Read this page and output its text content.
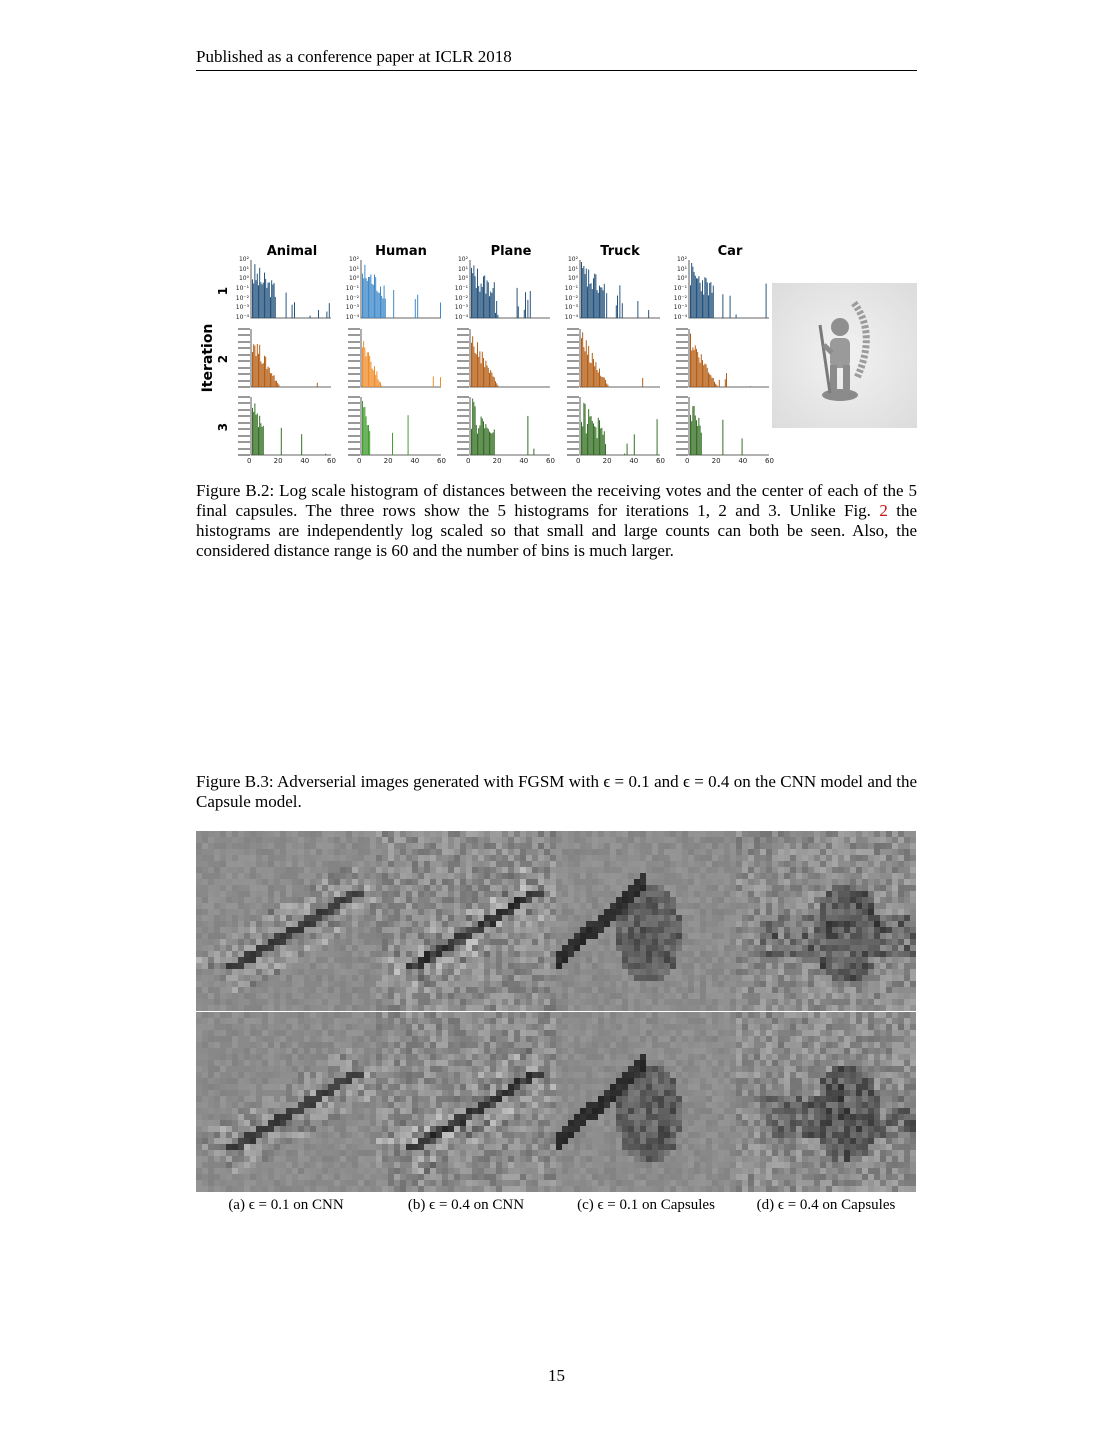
Published as a conference paper at ICLR 2018
Iteration
1
2
3
Animal	Human	Plane	Truck	Car
10²
10¹
10⁰
10⁻¹
10⁻²
10⁻³
10⁻⁴
10²
10¹
10⁰
10⁻¹
10⁻²
10⁻³
10⁻⁴
10²
10¹
10⁰
10⁻¹
10⁻²
10⁻³
10⁻⁴
10²
10¹
10⁰
10⁻¹
10⁻²
10⁻³
10⁻⁴
10²
10¹
10⁰
10⁻¹
10⁻²
10⁻³
10⁻⁴
0	20	40	60	0	20	40	60	0	20	40	60	0	20	40	60	0	20	40	60
Figure B.2: Log scale histogram of distances between the receiving votes and the center of each of the 5 final capsules. The three rows show the 5 histograms for iterations 1, 2 and 3. Unlike Fig. 2 the histograms are independently log scaled so that small and large counts can both be seen. Also, the considered distance range is 60 and the number of bins is much larger.
Figure B.3: Adverserial images generated with FGSM with ϵ = 0.1 and ϵ = 0.4 on the CNN model and the Capsule model.
(a) ϵ = 0.1 on CNN	(b) ϵ = 0.4 on CNN	(c) ϵ = 0.1 on Capsules	(d) ϵ = 0.4 on Capsules
15
